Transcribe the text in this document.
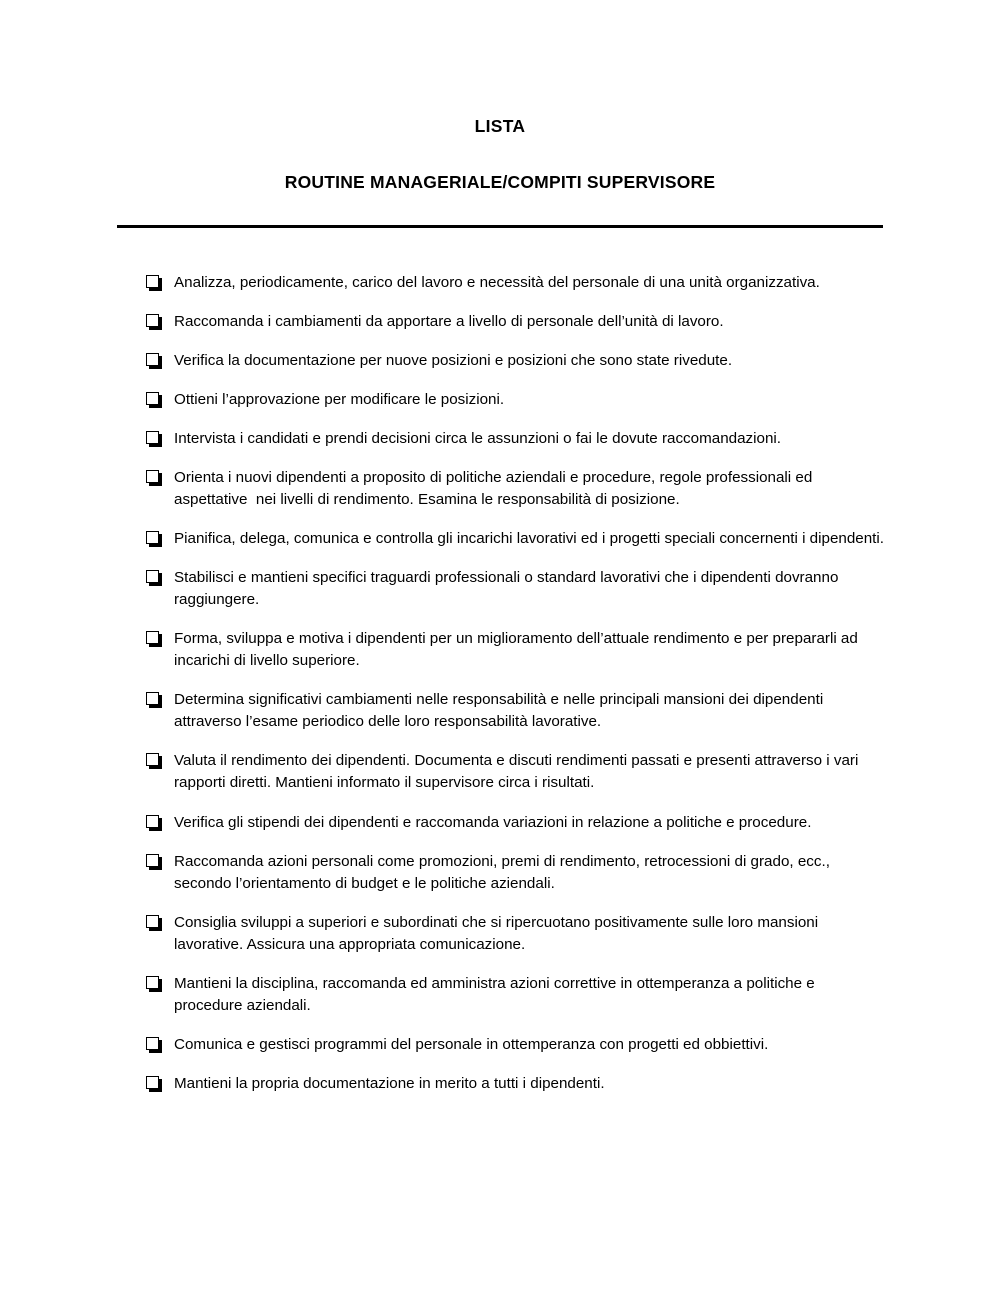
LISTA
ROUTINE MANAGERIALE/COMPITI SUPERVISORE
Analizza, periodicamente, carico del lavoro e necessità del personale di una unità organizzativa.
Raccomanda i cambiamenti da apportare a livello di personale dell’unità di lavoro.
Verifica la documentazione per nuove posizioni e posizioni che sono state rivedute.
Ottieni l’approvazione per modificare le posizioni.
Intervista i candidati e prendi decisioni circa le assunzioni o fai le dovute raccomandazioni.
Orienta i nuovi dipendenti a proposito di politiche aziendali e procedure, regole professionali ed aspettative  nei livelli di rendimento. Esamina le responsabilità di posizione.
Pianifica, delega, comunica e controlla gli incarichi lavorativi ed i progetti speciali concernenti i dipendenti.
Stabilisci e mantieni specifici traguardi professionali o standard lavorativi che i dipendenti dovranno raggiungere.
Forma, sviluppa e motiva i dipendenti per un miglioramento dell’attuale rendimento e per prepararli ad incarichi di livello superiore.
Determina significativi cambiamenti nelle responsabilità e nelle principali mansioni dei dipendenti attraverso l’esame periodico delle loro responsabilità lavorative.
Valuta il rendimento dei dipendenti. Documenta e discuti rendimenti passati e presenti attraverso i vari rapporti diretti. Mantieni informato il supervisore circa i risultati.
Verifica gli stipendi dei dipendenti e raccomanda variazioni in relazione a politiche e procedure.
Raccomanda azioni personali come promozioni, premi di rendimento, retrocessioni di grado, ecc., secondo l’orientamento di budget e le politiche aziendali.
Consiglia sviluppi a superiori e subordinati che si ripercuotano positivamente sulle loro mansioni lavorative. Assicura una appropriata comunicazione.
Mantieni la disciplina, raccomanda ed amministra azioni correttive in ottemperanza a politiche e procedure aziendali.
Comunica e gestisci programmi del personale in ottemperanza con progetti ed obbiettivi.
Mantieni la propria documentazione in merito a tutti i dipendenti.
